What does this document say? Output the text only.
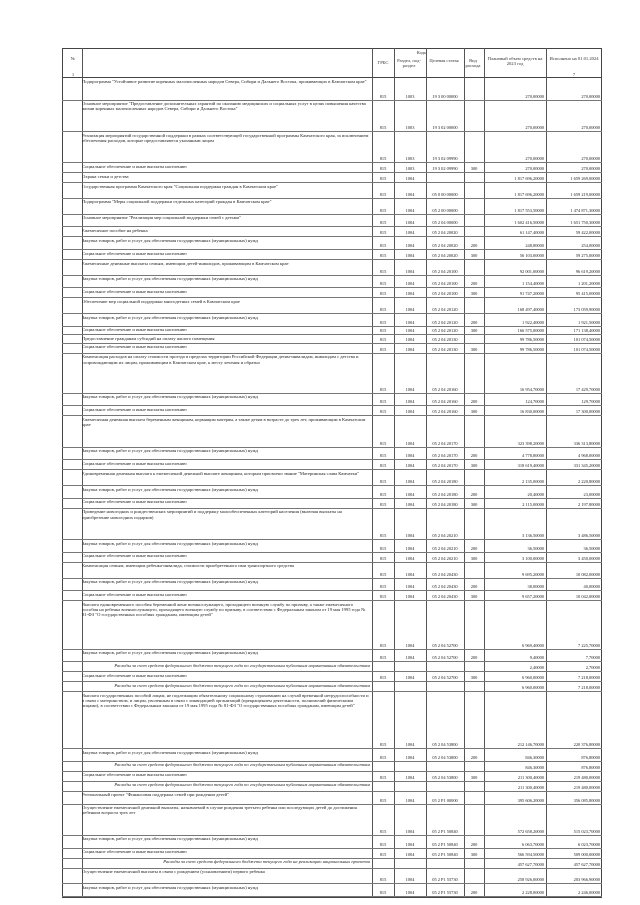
№
Коды
ГРБС	Раздел, под-раздел
Целевая статья	Вид расхода
Плановый объем средств на 2023 год
Исполнено на 01.01.2024
1	7
Подпрограмма "Устойчивое развитие коренных малочисленных народов Севера, Сибири и Дальнего Востока, проживающих в Камчатском крае"
815	1003	19 3 00 00000	270,00000	270,00000
Основное мероприятие "Предоставление дополнительных гарантий по оказанию медицинских и социальных услуг в целях повышения качества жизни коренных малочисленных народов Севера, Сибири и Дальнего Востока"
815	1003	19 3 02 00000	270,00000	270,00000
Реализация мероприятий государственной поддержки в рамках соответствующей государственной программы Камчатского края, за исключением обеспечения расходов, которые предоставляются указанным лицам
815	1003	19 3 02 09990	270,00000	270,00000
Социальное обеспечение и иные выплаты населению	815	1003	19 3 02 09990	300	270,00000	270,00000
Охрана семьи и детства	815	1004	1 817 696,20000	1 659 269,00000
Государственная программа Камчатского края "Социальная поддержка граждан в Камчатском крае"
815	1004	05 0 00 00000	1 817 696,20000	1 659 219,00000
Подпрограмма "Меры социальной поддержки отдельных категорий граждан в Камчатском крае"
815	1004	05 2 00 00000	1 817 553,50000	1 474 871,30000
Основное мероприятие "Реализация мер социальной поддержки семей с детьми"
815	1004	05 2 04 00000	1 602 416,50000	1 651 750,30000
Ежемесячное пособие на ребенка	815	1004	05 2 04 20020	61 147,40000	59 422,00000
Закупка товаров, работ и услуг для обеспечения государственных (муниципальных) нужд
815	1004	05 2 04 20020	200	248,80000	254,00000
Социальное обеспечение и иные выплаты населению	815	1004	05 2 04 20020	300	56 103,00000	59 275,00000
Ежемесячные денежные выплаты семьям, имеющим детей-инвалидов, проживающим в Камчатском крае
815	1004	05 2 04 20100	92 001,00000	96 619,20000
Закупка товаров, работ и услуг для обеспечения государственных (муниципальных) нужд
815	1004	05 2 04 20100	200	1 154,40000	1 201,20000
Социальное обеспечение и иные выплаты населению	815	1004	05 2 04 20100	300	91 747,20000	95 415,00000
Обеспечение мер социальной поддержки многодетных семей в Камчатском крае
815	1004	05 2 04 20120	168 497,40000	173 059,90000
Закупка товаров, работ и услуг для обеспечения государственных (муниципальных) нужд
815	1004	05 2 04 20120	200	1 922,40000	1 921,50000
Социальное обеспечение и иные выплаты населению	815	1004	05 2 04 20120	300	166 575,00000	171 138,40000
Предоставление гражданам субсидий на оплату жилого помещения	815	1004	05 2 04 20130	99 786,50000	101 074,50000
Социальное обеспечение и иные выплаты населению	815	1004	05 2 04 20130	300	99 786,50000	101 074,50000
Компенсация расходов на оплату стоимости проезда в пределах территории Российской Федерации детям-инвалидам, инвалидам с детства и сопровождающим их лицам, проживающим в Камчатском крае, к месту лечения и обратно
815	1004	05 2 04 20160	16 954,70000	17 429,70000
Закупка товаров, работ и услуг для обеспечения государственных (муниципальных) нужд
815	1004	05 2 04 20160	200	124,70000	129,70000
Социальное обеспечение и иные выплаты населению	815	1004	05 2 04 20160	300	16 830,00000	17 300,00000
Ежемесячная денежная выплата беременным женщинам, кормящим матерям, а также детям в возрасте до трех лет, проживающим в Камчатском крае
815	1004	05 2 04 20170	323 398,20000	336 313,80000
Закупка товаров, работ и услуг для обеспечения государственных (муниципальных) нужд
815	1004	05 2 04 20170	200	4 778,80000	4 968,00000
Социальное обеспечение и иные выплаты населению	815	1004	05 2 04 20170	300	318 619,40000	331 345,20000
Единовременная денежная выплата к ежемесячной денежной выплате женщинам, которым присвоено звание "Материнская слава Камчатки"
815	1004	05 2 04 20180	2 135,00000	2 220,80000
Закупка товаров, работ и услуг для обеспечения государственных (муниципальных) нужд
815	1004	05 2 04 20180	200	20,40000	23,00000
Социальное обеспечение и иные выплаты населению	815	1004	05 2 04 20180	300	2 115,00000	2 197,80000
Проведение новогодних и рождественских мероприятий и поддержку малообеспеченных категорий населения (включая выплаты на приобретение новогодних подарков)
815	1004	05 2 04 20210	3 136,50000	3 486,50000
Закупка товаров, работ и услуг для обеспечения государственных (муниципальных) нужд
815	1004	05 2 04 20210	200	36,50000	36,50000
Социальное обеспечение и иные выплаты населению	815	1004	05 2 04 20210	300	3 100,00000	3 450,00000
Компенсация семьям, имеющим ребенка-инвалида, стоимости приобретенного ими транспортного средства
815	1004	05 2 04 20430	9 695,20000	10 082,00000
Закупка товаров, работ и услуг для обеспечения государственных (муниципальных) нужд
815	1004	05 2 04 20430	200	38,00000	40,00000
Социальное обеспечение и иные выплаты населению	815	1004	05 2 04 20430	300	9 657,20000	10 042,00000
Выплата единовременного пособия беременной жене военнослужащего, проходящего военную службу по призыву, а также ежемесячного пособия на ребенка военнослужащего, проходящего военную службу по призыву, в соответствии с Федеральным законом от 19 мая 1995 года № 81-ФЗ "О государственных пособиях гражданам, имеющим детей"
815	1004	05 2 04 52700	6 969,40000	7 225,70000
Закупка товаров, работ и услуг для обеспечения государственных (муниципальных) нужд
815	1004	05 2 04 52700	200	9,40000	7,70000
Расходы за счет средств федерального бюджета текущего года по государственным публичным нормативным обязательствам	2,40000	2,70000
Социальное обеспечение и иные выплаты населению	815	1004	05 2 04 52700	300	6 960,00000	7 218,00000
Расходы за счет средств федерального бюджета текущего года по государственным публичным нормативным обязательствам	6 960,00000	7 218,00000
Выплата государственных пособий лицам, не подлежащим обязательному социальному страхованию на случай временной нетрудоспособности и в связи с материнством, и лицам, уволенным в связи с ликвидацией организаций (прекращением деятельности, полномочий физическими лицами), в соответствии с Федеральным законом от 19 мая 1995 года № 81-ФЗ "О государственных пособиях гражданам, имеющим детей"
815	1004	05 2 04 53800	212 146,70000	220 376,80000
Закупка товаров, работ и услуг для обеспечения государственных (муниципальных) нужд
815	1004	05 2 04 53800	200	846,30000	876,80000
Расходы за счет средств федерального бюджета текущего года по государственным публичным нормативным обязательствам	846,30000	876,80000
Социальное обеспечение и иные выплаты населению	815	1004	05 2 04 53800	300	211 300,40000	219 480,00000
Расходы за счет средств федерального бюджета текущего года по государственным публичным нормативным обязательствам	211 300,40000	219 480,00000
Региональный проект "Финансовая поддержка семей при рождении детей"
815	1004	05 2 P1 00000	395 606,20000	356 085,80000
Осуществление ежемесячной денежной выплаты, назначаемой в случае рождения третьего ребенка или последующих детей до достижения ребенком возраста трех лет
815	1004	05 2 P1 50840	572 658,20000	515 023,70000
Закупка товаров, работ и услуг для обеспечения государственных (муниципальных) нужд
815	1004	05 2 P1 50840	200	6 063,70000	6 023,70000
Социальное обеспечение и иные выплаты населению	815	1004	05 2 P1 50840	300	566 594,50000	509 000,00000
Расходы за счет средств федерального бюджета текущего года на реализацию национальных проектов	457 627,70000	457 627,70000
Осуществление ежемесячной выплаты в связи с рождением (усыновлением) первого ребенка
815	1004	05 2 P1 55730	258 926,00000	203 966,90000
Закупка товаров, работ и услуг для обеспечения государственных (муниципальных) нужд
815	1004	05 2 P1 55730	200	2 228,00000	2 246,00000
